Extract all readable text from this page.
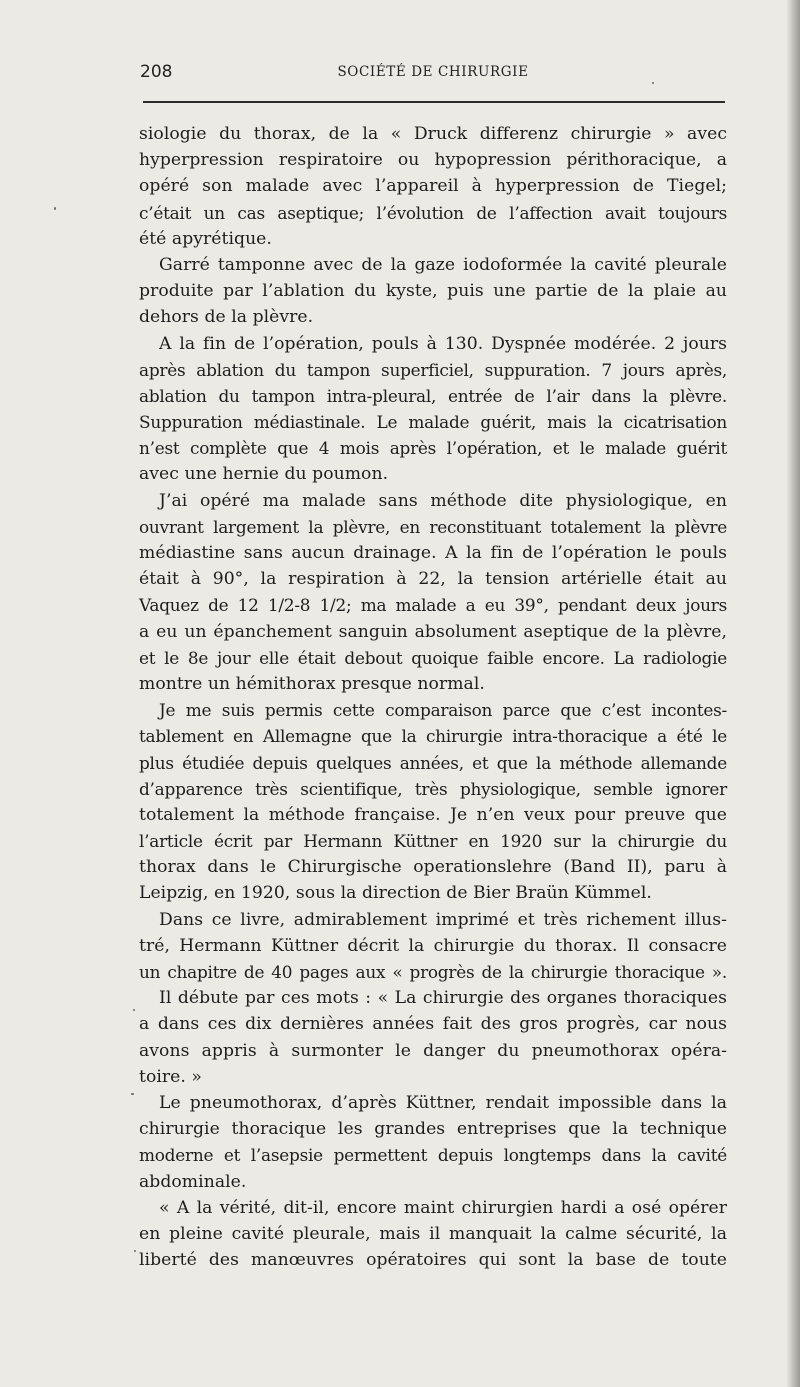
208	SOCIÉTÉ DE CHIRURGIE
siologie du thorax, de la « Druck differenz chirurgie » avec
hyperpression respiratoire ou hypopression périthoracique, a
opéré son malade avec l’appareil à hyperpression de Tiegel;
c’était un cas aseptique; l’évolution de l’affection avait toujours
été apyrétique.
Garré tamponne avec de la gaze iodoformée la cavité pleurale
produite par l’ablation du kyste, puis une partie de la plaie au
dehors de la plèvre.
A la fin de l’opération, pouls à 130. Dyspnée modérée. 2 jours
après ablation du tampon superficiel, suppuration. 7 jours après,
ablation du tampon intra-pleural, entrée de l’air dans la plèvre.
Suppuration médiastinale. Le malade guérit, mais la cicatrisation
n’est complète que 4 mois après l’opération, et le malade guérit
avec une hernie du poumon.
J’ai opéré ma malade sans méthode dite physiologique, en
ouvrant largement la plèvre, en reconstituant totalement la plèvre
médiastine sans aucun drainage. A la fin de l’opération le pouls
était à 90°, la respiration à 22, la tension artérielle était au
Vaquez de 12 1/2-8 1/2; ma malade a eu 39°, pendant deux jours
a eu un épanchement sanguin absolument aseptique de la plèvre,
et le 8e jour elle était debout quoique faible encore. La radiologie
montre un hémithorax presque normal.
Je me suis permis cette comparaison parce que c’est incontes-
tablement en Allemagne que la chirurgie intra-thoracique a été le
plus étudiée depuis quelques années, et que la méthode allemande
d’apparence très scientifique, très physiologique, semble ignorer
totalement la méthode française. Je n’en veux pour preuve que
l’article écrit par Hermann Küttner en 1920 sur la chirurgie du
thorax dans le Chirurgische operationslehre (Band II), paru à
Leipzig, en 1920, sous la direction de Bier Braün Kümmel.
Dans ce livre, admirablement imprimé et très richement illus-
tré, Hermann Küttner décrit la chirurgie du thorax. Il consacre
un chapitre de 40 pages aux « progrès de la chirurgie thoracique ».
Il débute par ces mots : « La chirurgie des organes thoraciques
a dans ces dix dernières années fait des gros progrès, car nous
avons appris à surmonter le danger du pneumothorax opéra-
toire. »
Le pneumothorax, d’après Küttner, rendait impossible dans la
chirurgie thoracique les grandes entreprises que la technique
moderne et l’asepsie permettent depuis longtemps dans la cavité
abdominale.
« A la vérité, dit-il, encore maint chirurgien hardi a osé opérer
en pleine cavité pleurale, mais il manquait la calme sécurité, la
liberté des manœuvres opératoires qui sont la base de toute
